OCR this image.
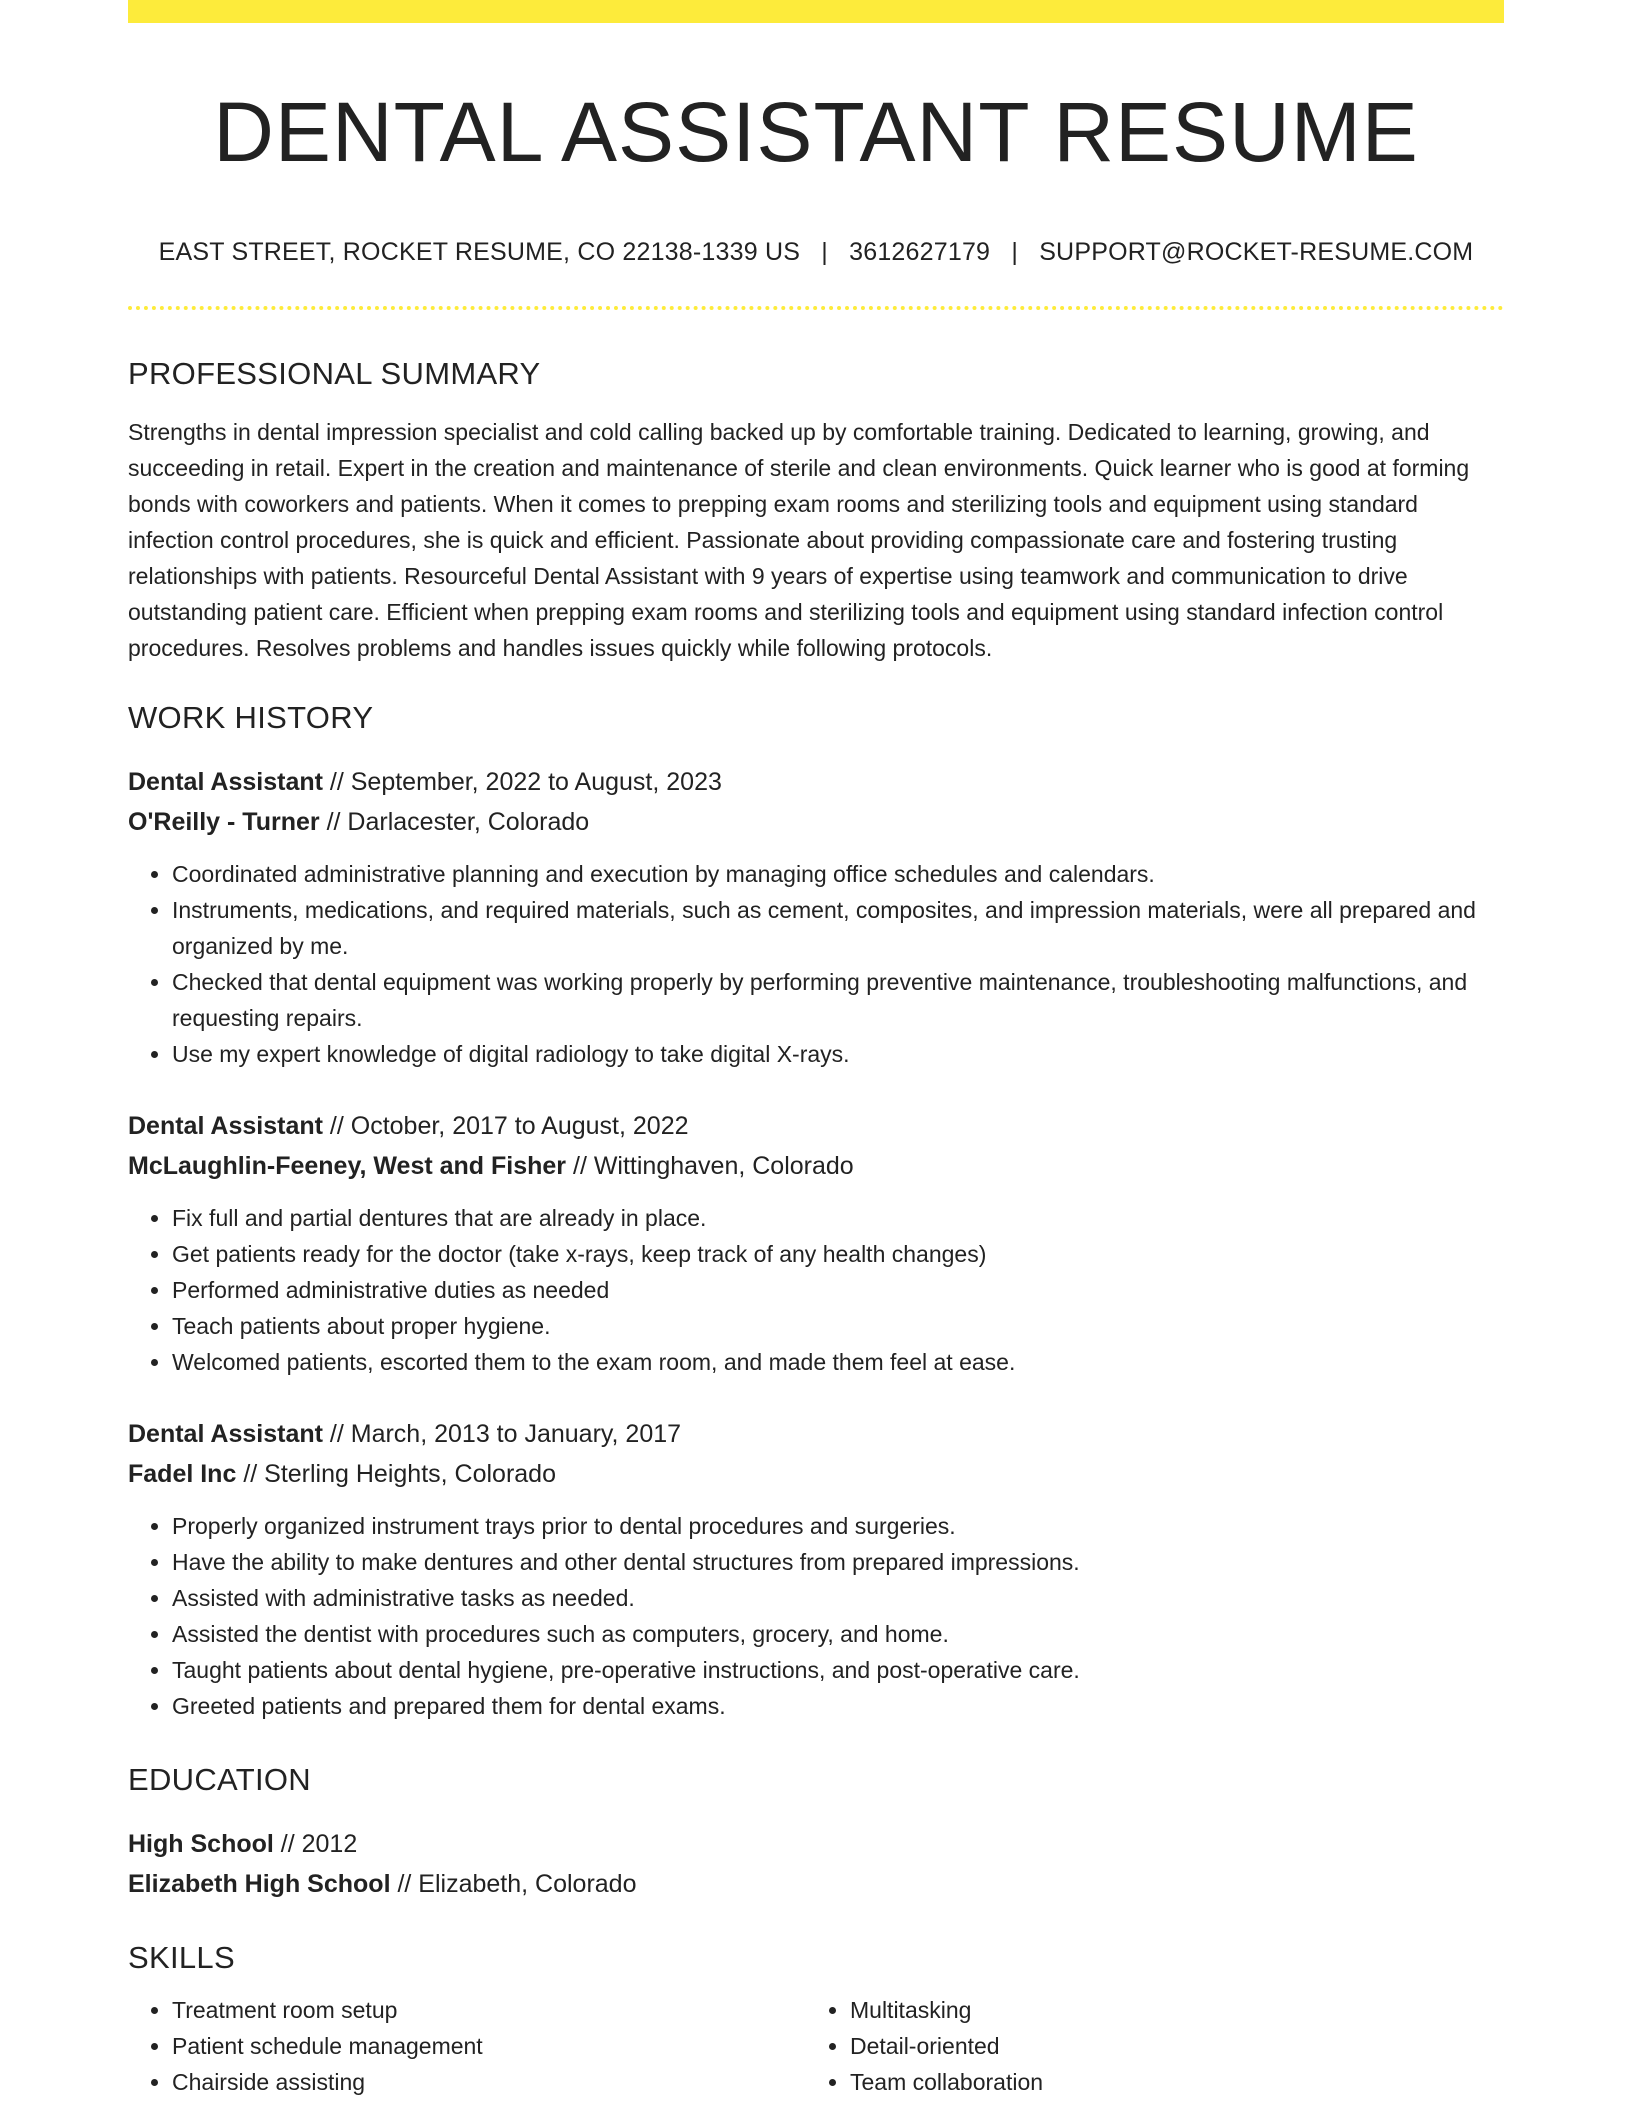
DENTAL ASSISTANT RESUME
EAST STREET, ROCKET RESUME, CO 22138-1339 US | 3612627179 | SUPPORT@ROCKET-RESUME.COM
PROFESSIONAL SUMMARY

Strengths in dental impression specialist and cold calling backed up by comfortable training. Dedicated to learning, growing, and succeeding in retail. Expert in the creation and maintenance of sterile and clean environments. Quick learner who is good at forming bonds with coworkers and patients. When it comes to prepping exam rooms and sterilizing tools and equipment using standard infection control procedures, she is quick and efficient. Passionate about providing compassionate care and fostering trusting relationships with patients. Resourceful Dental Assistant with 9 years of expertise using teamwork and communication to drive outstanding patient care. Efficient when prepping exam rooms and sterilizing tools and equipment using standard infection control procedures. Resolves problems and handles issues quickly while following protocols.

WORK HISTORY
Dental Assistant // September, 2022 to August, 2023
O'Reilly - Turner // Darlacester, Colorado
• Coordinated administrative planning and execution by managing office schedules and calendars.
• Instruments, medications, and required materials, such as cement, composites, and impression materials, were all prepared and organized by me.
• Checked that dental equipment was working properly by performing preventive maintenance, troubleshooting malfunctions, and requesting repairs.
• Use my expert knowledge of digital radiology to take digital X-rays.
Dental Assistant // October, 2017 to August, 2022
McLaughlin-Feeney, West and Fisher // Wittinghaven, Colorado
• Fix full and partial dentures that are already in place.
• Get patients ready for the doctor (take x-rays, keep track of any health changes)
• Performed administrative duties as needed
• Teach patients about proper hygiene.
• Welcomed patients, escorted them to the exam room, and made them feel at ease.
Dental Assistant // March, 2013 to January, 2017
Fadel Inc // Sterling Heights, Colorado
• Properly organized instrument trays prior to dental procedures and surgeries.
• Have the ability to make dentures and other dental structures from prepared impressions.
• Assisted with administrative tasks as needed.
• Assisted the dentist with procedures such as computers, grocery, and home.
• Taught patients about dental hygiene, pre-operative instructions, and post-operative care.
• Greeted patients and prepared them for dental exams.
EDUCATION
High School // 2012
Elizabeth High School // Elizabeth, Colorado
SKILLS
• Treatment room setup
• Patient schedule management
• Chairside assisting
• Multitasking
• Detail-oriented
• Team collaboration
